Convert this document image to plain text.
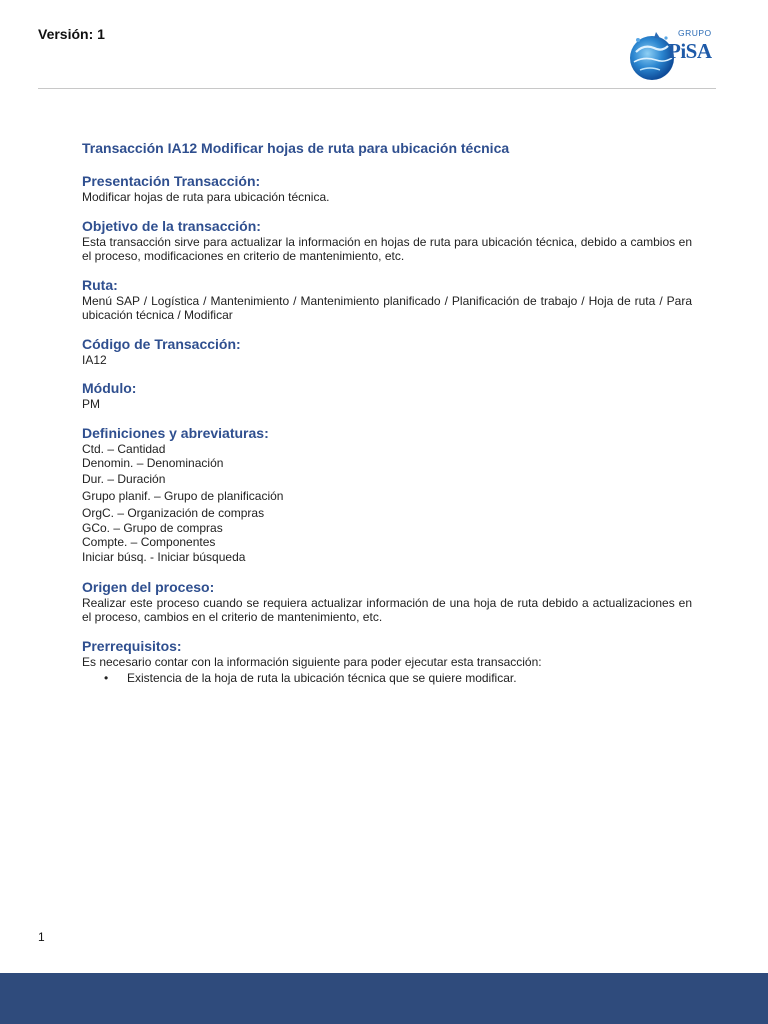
Versión: 1	GRUPO
PiSA
Transacción IA12 Modificar hojas de ruta para ubicación técnica
Presentación Transacción:

Modificar hojas de ruta para ubicación técnica.

Objetivo de la transacción:

Esta transacción sirve para actualizar la información en hojas de ruta para ubicación técnica, debido a cambios en el proceso, modificaciones en criterio de mantenimiento, etc.

Ruta:

Menú SAP / Logística / Mantenimiento / Mantenimiento planificado / Planificación de trabajo / Hoja de ruta / Para ubicación técnica / Modificar

Código de Transacción:

IA12

Módulo:

PM

Definiciones y abreviaturas:
Ctd. – Cantidad
Denomin. – Denominación
Dur. – Duración
Grupo planif. – Grupo de planificación
OrgC. – Organización de compras
GCo. – Grupo de compras
Compte. – Componentes
Iniciar búsq. - Iniciar búsqueda
Origen del proceso:

Realizar este proceso cuando se requiera actualizar información de una hoja de ruta debido a actualizaciones en el proceso, cambios en el criterio de mantenimiento, etc.

Prerrequisitos:

Es necesario contar con la información siguiente para poder ejecutar esta transacción:

• Existencia de la hoja de ruta la ubicación técnica que se quiere modificar.
1
